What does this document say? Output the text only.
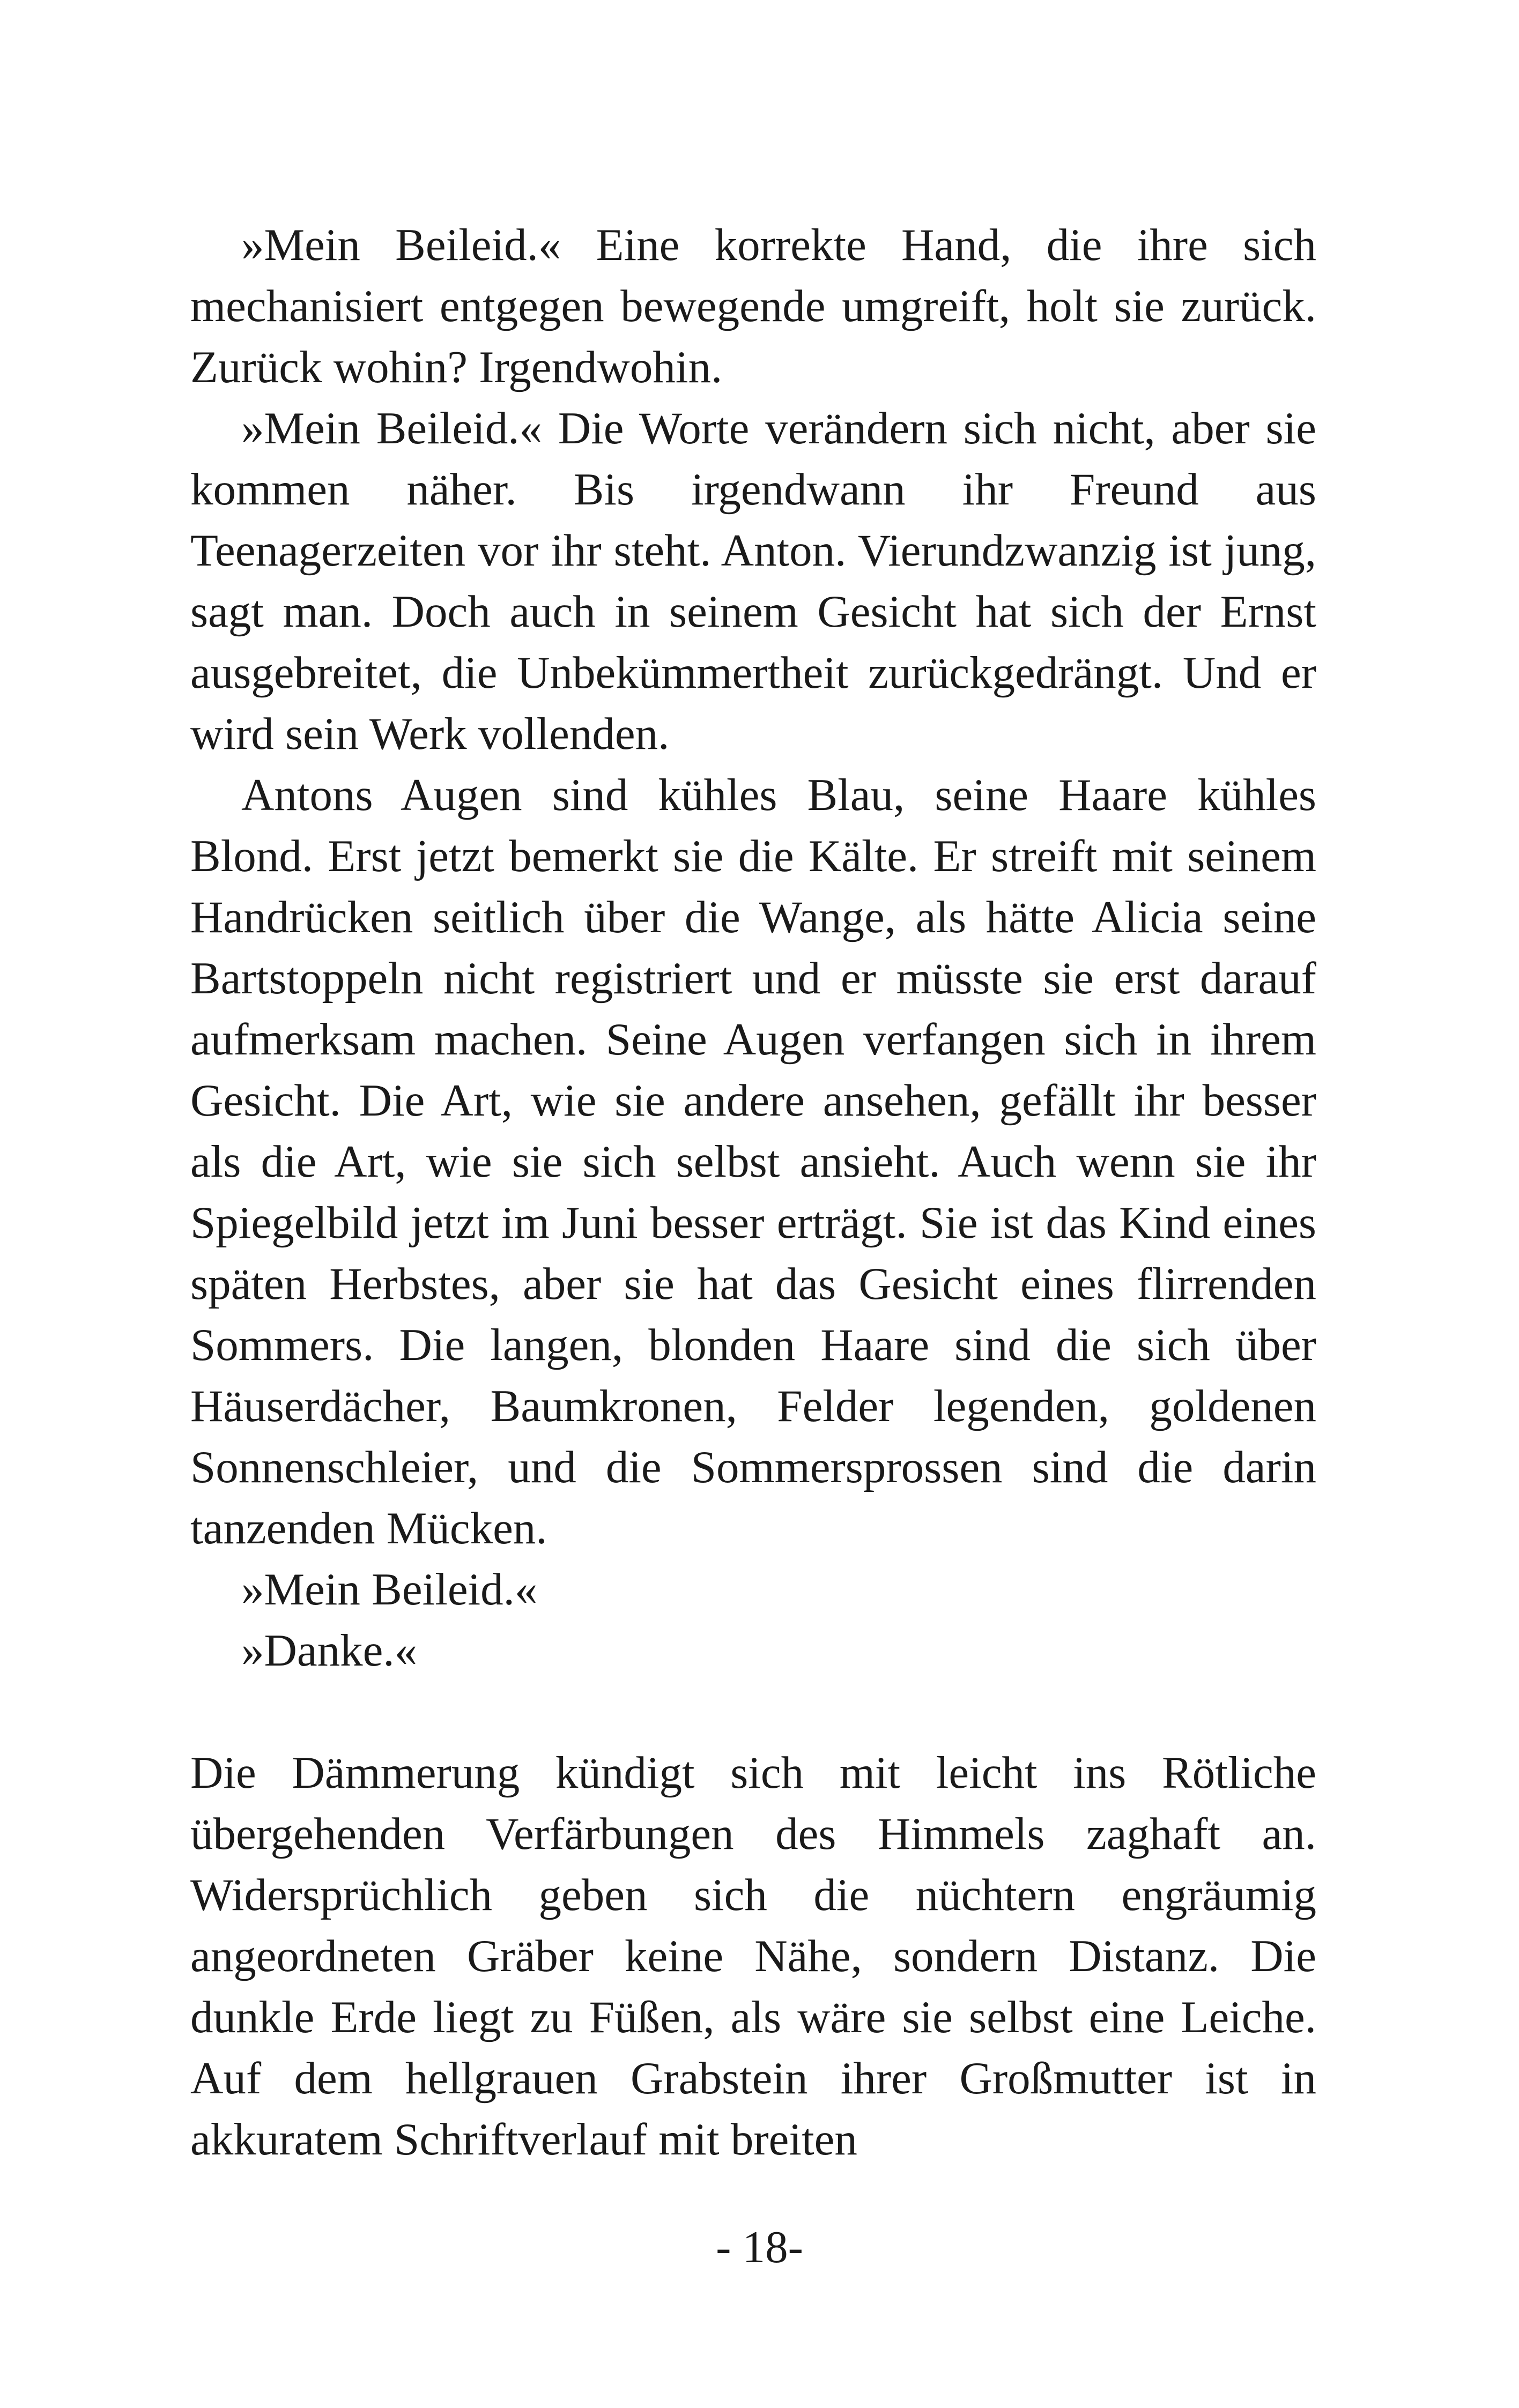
»Mein Beileid.« Eine korrekte Hand, die ihre sich mechanisiert entgegen bewegende umgreift, holt sie zurück. Zurück wohin? Irgendwohin.

»Mein Beileid.« Die Worte verändern sich nicht, aber sie kommen näher. Bis irgendwann ihr Freund aus Teenagerzeiten vor ihr steht. Anton. Vierundzwanzig ist jung, sagt man. Doch auch in seinem Gesicht hat sich der Ernst ausgebreitet, die Unbekümmertheit zurückgedrängt. Und er wird sein Werk vollenden.

Antons Augen sind kühles Blau, seine Haare kühles Blond. Erst jetzt bemerkt sie die Kälte. Er streift mit seinem Handrücken seitlich über die Wange, als hätte Alicia seine Bartstoppeln nicht registriert und er müsste sie erst darauf aufmerksam machen. Seine Augen verfangen sich in ihrem Gesicht. Die Art, wie sie andere ansehen, gefällt ihr besser als die Art, wie sie sich selbst ansieht. Auch wenn sie ihr Spiegelbild jetzt im Juni besser erträgt. Sie ist das Kind eines späten Herbstes, aber sie hat das Gesicht eines flirrenden Sommers. Die langen, blonden Haare sind die sich über Häuserdächer, Baumkronen, Felder legenden, goldenen Sonnenschleier, und die Sommersprossen sind die darin tanzenden Mücken.

»Mein Beileid.«

»Danke.«

Die Dämmerung kündigt sich mit leicht ins Rötliche übergehenden Verfärbungen des Himmels zaghaft an. Widersprüchlich geben sich die nüchtern engräumig angeordneten Gräber keine Nähe, sondern Distanz. Die dunkle Erde liegt zu Füßen, als wäre sie selbst eine Leiche. Auf dem hellgrauen Grabstein ihrer Großmutter ist in akkuratem Schriftverlauf mit breiten

- 18-
